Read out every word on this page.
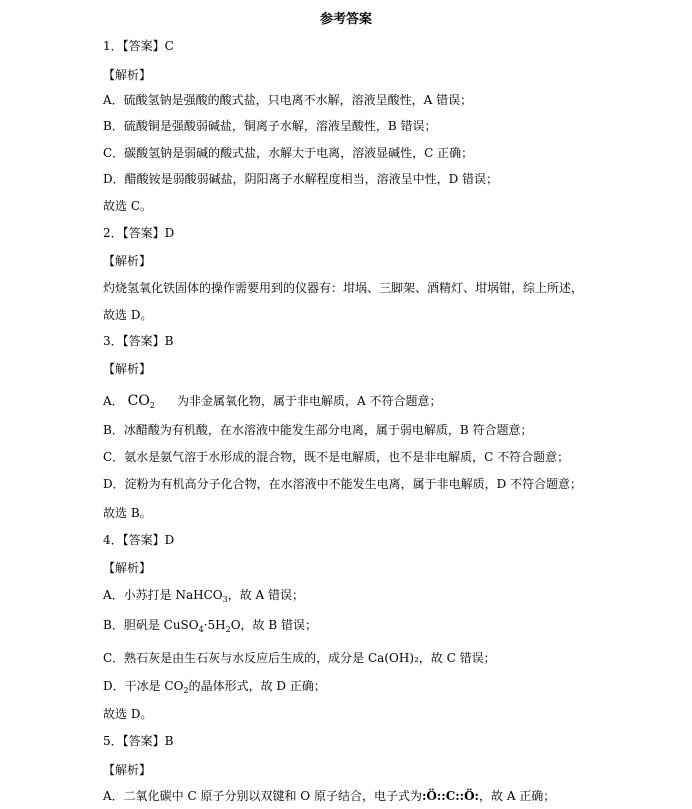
参考答案
1．【答案】C
【解析】
A．硫酸氢钠是强酸的酸式盐，只电离不水解，溶液呈酸性，A 错误；
B．硫酸铜是强酸弱碱盐，铜离子水解，溶液呈酸性，B 错误；
C．碳酸氢钠是弱碱的酸式盐，水解大于电离，溶液显碱性，C 正确；
D．醋酸铵是弱酸弱碱盐，阴阳离子水解程度相当，溶液呈中性，D 错误；
故选 C。
2．【答案】D
【解析】
灼烧氢氧化铁固体的操作需要用到的仪器有：坩埚、三脚架、酒精灯、坩埚钳，综上所述，
故选 D。
3．【答案】B
【解析】
B．冰醋酸为有机酸，在水溶液中能发生部分电离，属于弱电解质，B 符合题意；
C．氨水是氨气溶于水形成的混合物，既不是电解质，也不是非电解质，C 不符合题意；
D．淀粉为有机高分子化合物，在水溶液中不能发生电离，属于非电解质，D 不符合题意；
故选 B。
4．【答案】D
【解析】
C．熟石灰是由生石灰与水反应后生成的，成分是 Ca(OH)₂，故 C 错误；
故选 D。
5．【答案】B
【解析】
A． $CO_2$ 为非金属氧化物，属于非电解质，A 不符合题意；
A．小苏打是 NaHCO$_3$，故 A 错误；
B．胆矾是 $CuSO_4\cdot 5H_2O$，故 B 错误；
D．干冰是 $CO_2$的晶体形式，故 D 正确；
A．二氧化碳中 C 原子分别以双键和 O 原子结合，电子式为:Ö::C::Ö:，故 A 正确；
